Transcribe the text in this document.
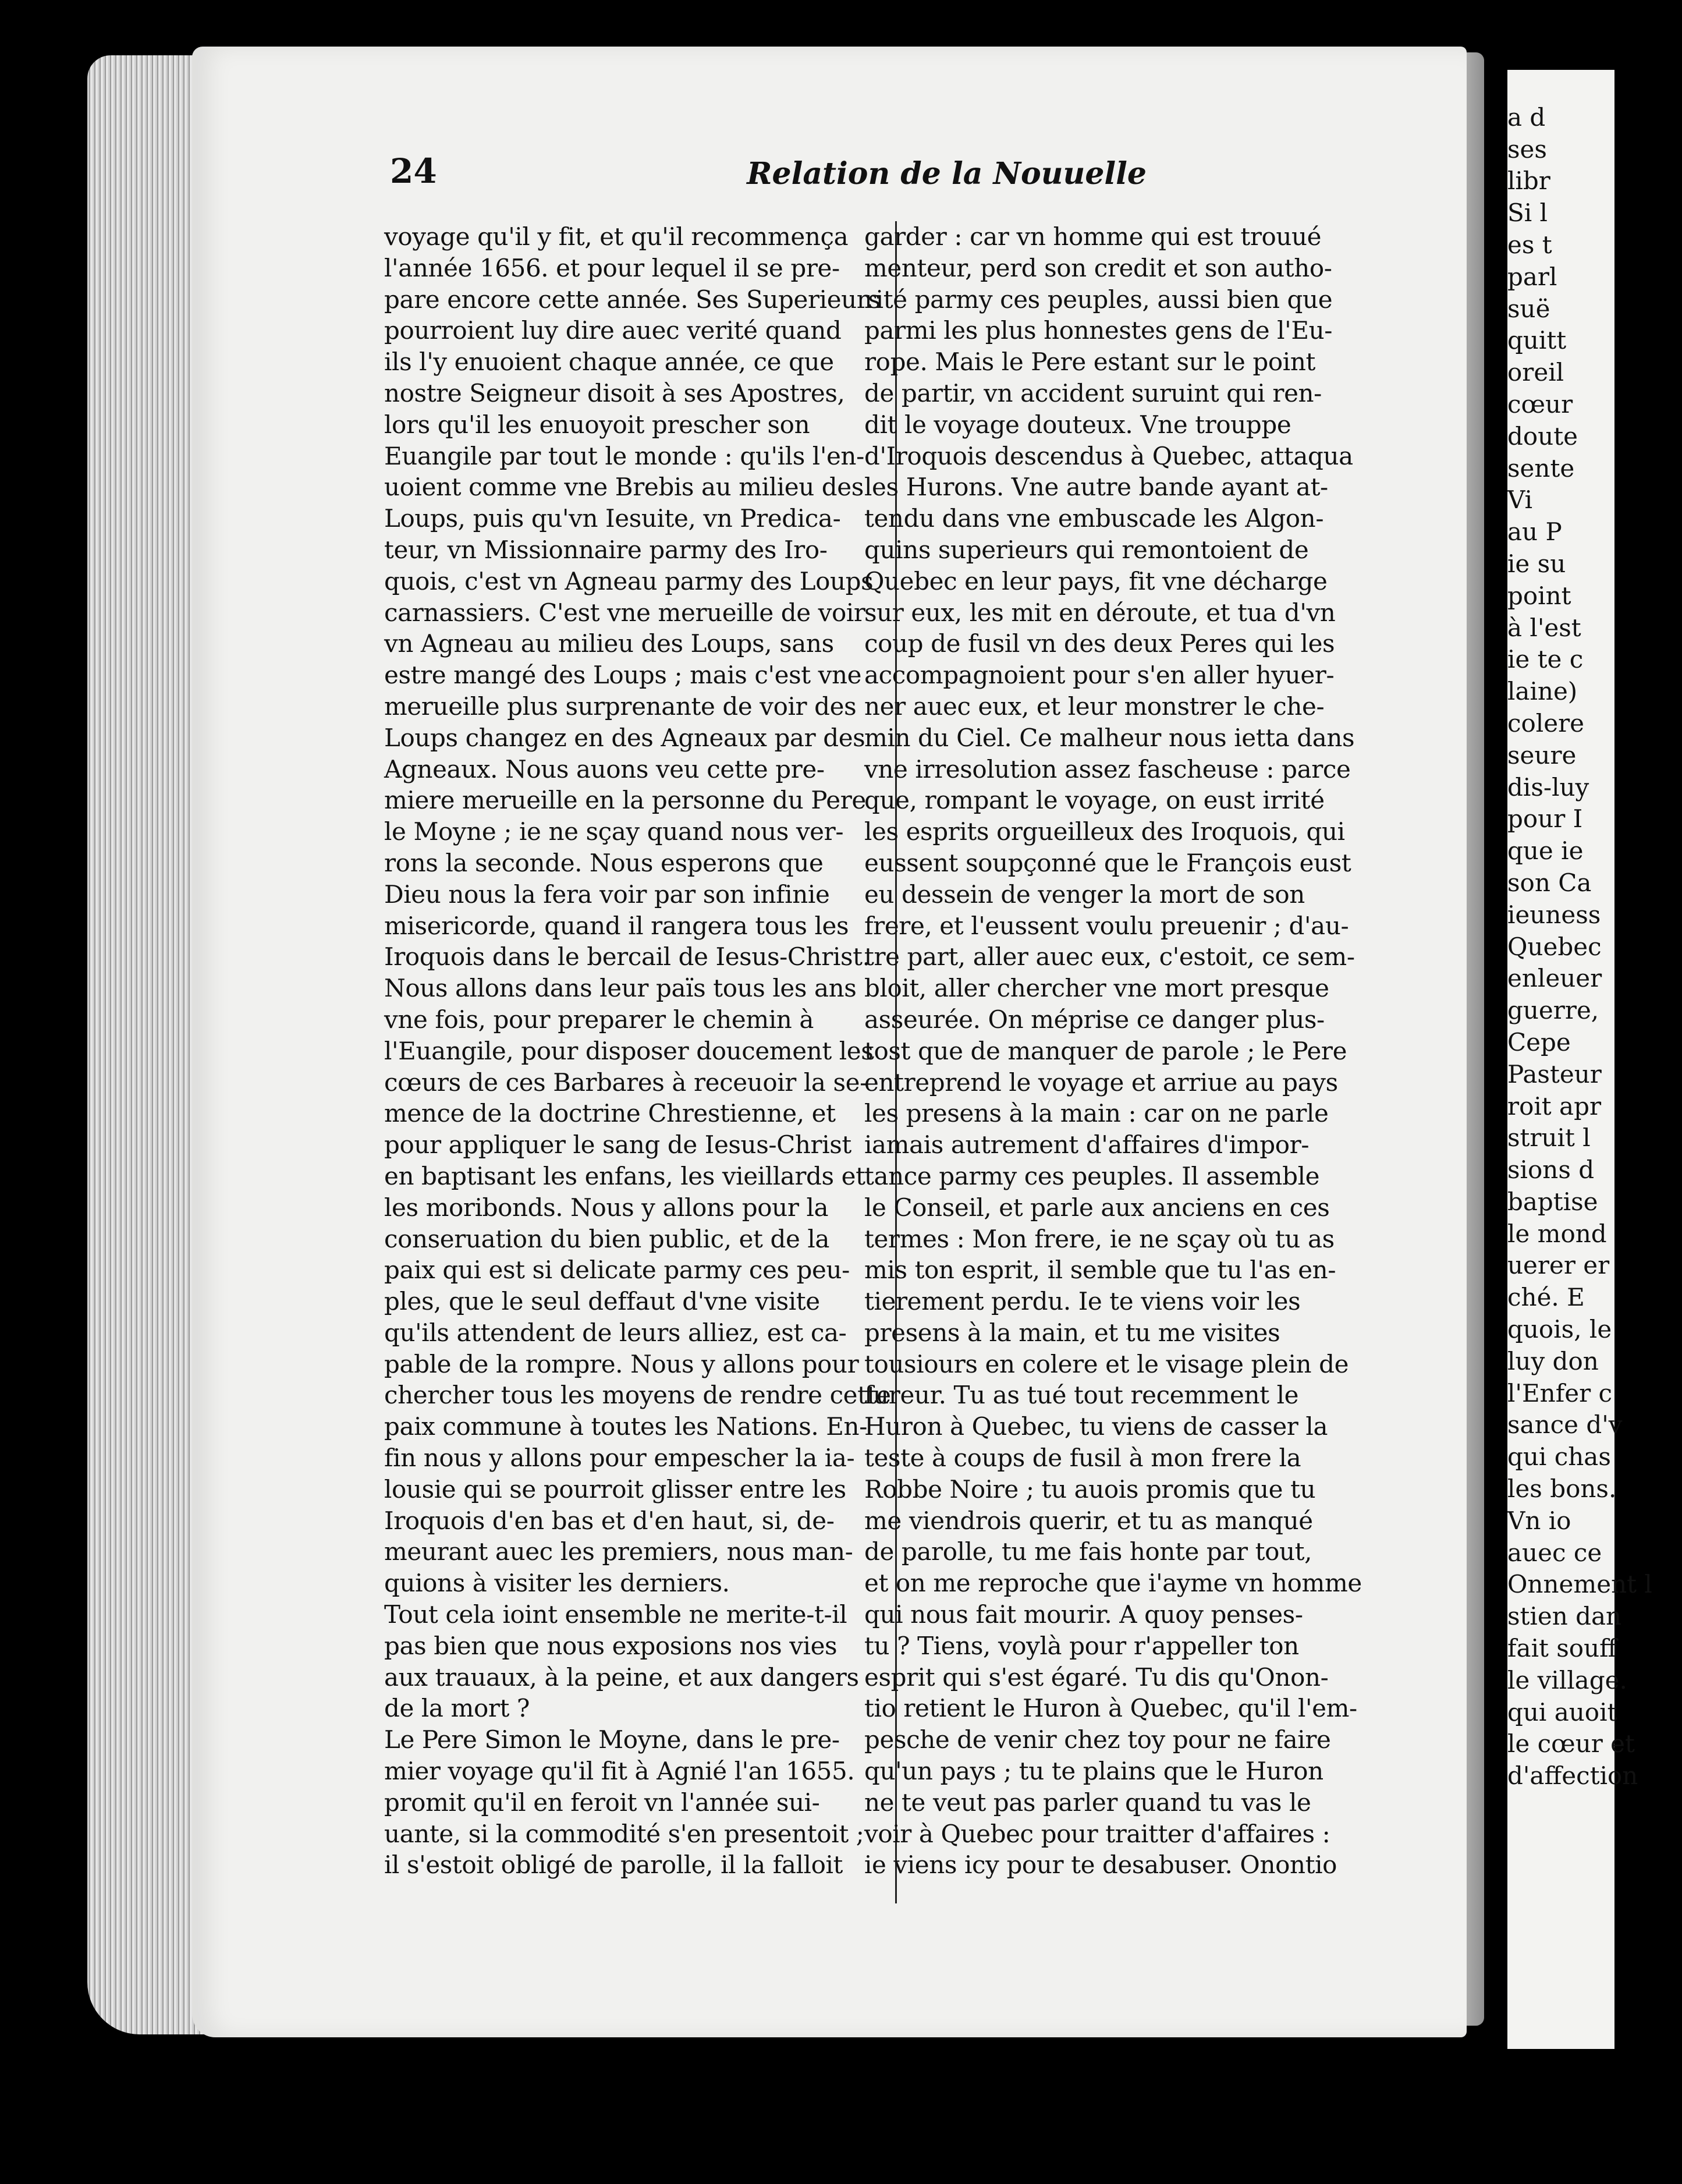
24	Relation de la Nouuelle
voyage qu'il y fit, et qu'il recommença
l'année 1656. et pour lequel il se pre-
pare encore cette année. Ses Superieurs
pourroient luy dire auec verité quand
ils l'y enuoient chaque année, ce que
nostre Seigneur disoit à ses Apostres,
lors qu'il les enuoyoit prescher son
Euangile par tout le monde : qu'ils l'en-
uoient comme vne Brebis au milieu des
Loups, puis qu'vn Iesuite, vn Predica-
teur, vn Missionnaire parmy des Iro-
quois, c'est vn Agneau parmy des Loups
carnassiers. C'est vne merueille de voir
vn Agneau au milieu des Loups, sans
estre mangé des Loups ; mais c'est vne
merueille plus surprenante de voir des
Loups changez en des Agneaux par des
Agneaux. Nous auons veu cette pre-
miere merueille en la personne du Pere
le Moyne ; ie ne sçay quand nous ver-
rons la seconde. Nous esperons que
Dieu nous la fera voir par son infinie
misericorde, quand il rangera tous les
Iroquois dans le bercail de Iesus-Christ.
Nous allons dans leur païs tous les ans
vne fois, pour preparer le chemin à
l'Euangile, pour disposer doucement les
cœurs de ces Barbares à receuoir la se-
mence de la doctrine Chrestienne, et
pour appliquer le sang de Iesus-Christ
en baptisant les enfans, les vieillards et
les moribonds. Nous y allons pour la
conseruation du bien public, et de la
paix qui est si delicate parmy ces peu-
ples, que le seul deffaut d'vne visite
qu'ils attendent de leurs alliez, est ca-
pable de la rompre. Nous y allons pour
chercher tous les moyens de rendre cette
paix commune à toutes les Nations. En-
fin nous y allons pour empescher la ia-
lousie qui se pourroit glisser entre les
Iroquois d'en bas et d'en haut, si, de-
meurant auec les premiers, nous man-
quions à visiter les derniers.
Tout cela ioint ensemble ne merite-t-il
pas bien que nous exposions nos vies
aux trauaux, à la peine, et aux dangers
de la mort ?
Le Pere Simon le Moyne, dans le pre-
mier voyage qu'il fit à Agnié l'an 1655.
promit qu'il en feroit vn l'année sui-
uante, si la commodité s'en presentoit ;
il s'estoit obligé de parolle, il la falloit
garder : car vn homme qui est trouué
menteur, perd son credit et son autho-
rité parmy ces peuples, aussi bien que
parmi les plus honnestes gens de l'Eu-
rope. Mais le Pere estant sur le point
de partir, vn accident suruint qui ren-
dit le voyage douteux. Vne trouppe
d'Iroquois descendus à Quebec, attaqua
les Hurons. Vne autre bande ayant at-
tendu dans vne embuscade les Algon-
quins superieurs qui remontoient de
Quebec en leur pays, fit vne décharge
sur eux, les mit en déroute, et tua d'vn
coup de fusil vn des deux Peres qui les
accompagnoient pour s'en aller hyuer-
ner auec eux, et leur monstrer le che-
min du Ciel. Ce malheur nous ietta dans
vne irresolution assez fascheuse : parce
que, rompant le voyage, on eust irrité
les esprits orgueilleux des Iroquois, qui
eussent soupçonné que le François eust
eu dessein de venger la mort de son
frere, et l'eussent voulu preuenir ; d'au-
tre part, aller auec eux, c'estoit, ce sem-
bloit, aller chercher vne mort presque
asseurée. On méprise ce danger plus-
tost que de manquer de parole ; le Pere
entreprend le voyage et arriue au pays
les presens à la main : car on ne parle
iamais autrement d'affaires d'impor-
tance parmy ces peuples. Il assemble
le Conseil, et parle aux anciens en ces
termes : Mon frere, ie ne sçay où tu as
mis ton esprit, il semble que tu l'as en-
tierement perdu. Ie te viens voir les
presens à la main, et tu me visites
tousiours en colere et le visage plein de
fureur. Tu as tué tout recemment le
Huron à Quebec, tu viens de casser la
teste à coups de fusil à mon frere la
Robbe Noire ; tu auois promis que tu
me viendrois querir, et tu as manqué
de parolle, tu me fais honte par tout,
et on me reproche que i'ayme vn homme
qui nous fait mourir. A quoy penses-
tu ? Tiens, voylà pour r'appeller ton
esprit qui s'est égaré. Tu dis qu'Onon-
tio retient le Huron à Quebec, qu'il l'em-
pesche de venir chez toy pour ne faire
qu'un pays ; tu te plains que le Huron
ne te veut pas parler quand tu vas le
voir à Quebec pour traitter d'affaires :
ie viens icy pour te desabuser. Onontio
a d
ses
libr
Si l
es t
parl
suë
quitt
oreil
cœur
doute
sente
Vi
au P
ie su
point
à l'est
ie te c
laine)
colere
seure
dis-luy
pour I
que ie
son Ca
ieuness
Quebec
enleuer
guerre,
Cepe
Pasteur
roit apr
struit l
sions d
baptise
le mond
uerer er
ché. E
quois, le
luy don
l'Enfer c
sance d'v
qui chas
les bons.
Vn io
auec ce
Onnement l
stien dan
fait souff
le village.
qui auoit
le cœur et
d'affection
